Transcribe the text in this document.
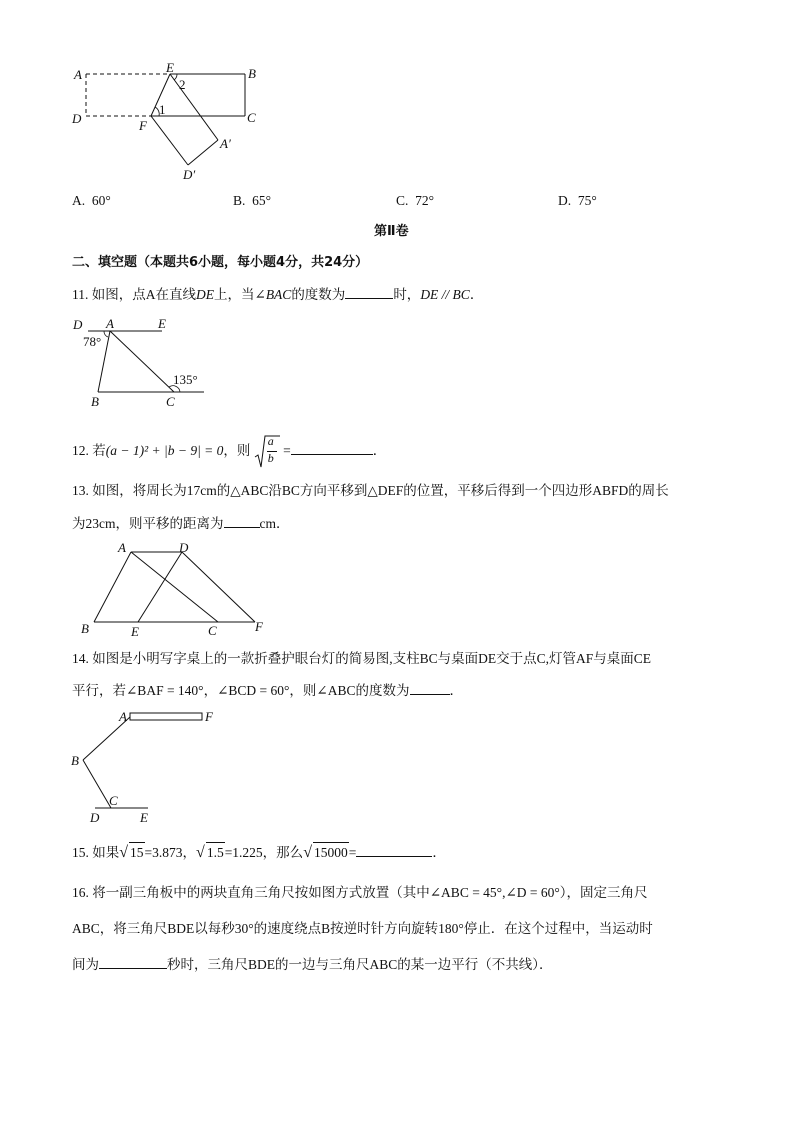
A	E	B
D	F
C
A′
D′
1
2
A. 60°	B. 65°	C. 72°	D. 75°
第Ⅱ卷
二、填空题（本题共6小题，每小题4分，共24分）
11. 如图，点A在直线DE上，当∠BAC的度数为	时，DE // BC．
D A	E
78°
135°
B	C
12. 若(a − 1)² + |b − 9| = 0，则 $\frac{a}{b}$ =	．
13. 如图，将周长为17cm的△ABC沿BC方向平移到△DEF的位置，平移后得到一个四边形ABFD的周长
为23cm，则平移的距离为	cm．
A	D
B	E	C	F
14. 如图是小明写字桌上的一款折叠护眼台灯的简易图,支柱BC与桌面DE交于点C,灯管AF与桌面CE
平行，若∠BAF = 140°，∠BCD = 60°，则∠ABC的度数为	．
A	F
B
C
D	E
15. 如果√ 15=3.873，√ 1.5=1.225，那么√ 15000=	．
16. 将一副三角板中的两块直角三角尺按如图方式放置（其中∠ABC = 45°,∠D = 60°），固定三角尺
ABC，将三角尺BDE以每秒30°的速度绕点B按逆时针方向旋转180°停止．在这个过程中，当运动时
间为	秒时，三角尺BDE的一边与三角尺ABC的某一边平行（不共线）．
